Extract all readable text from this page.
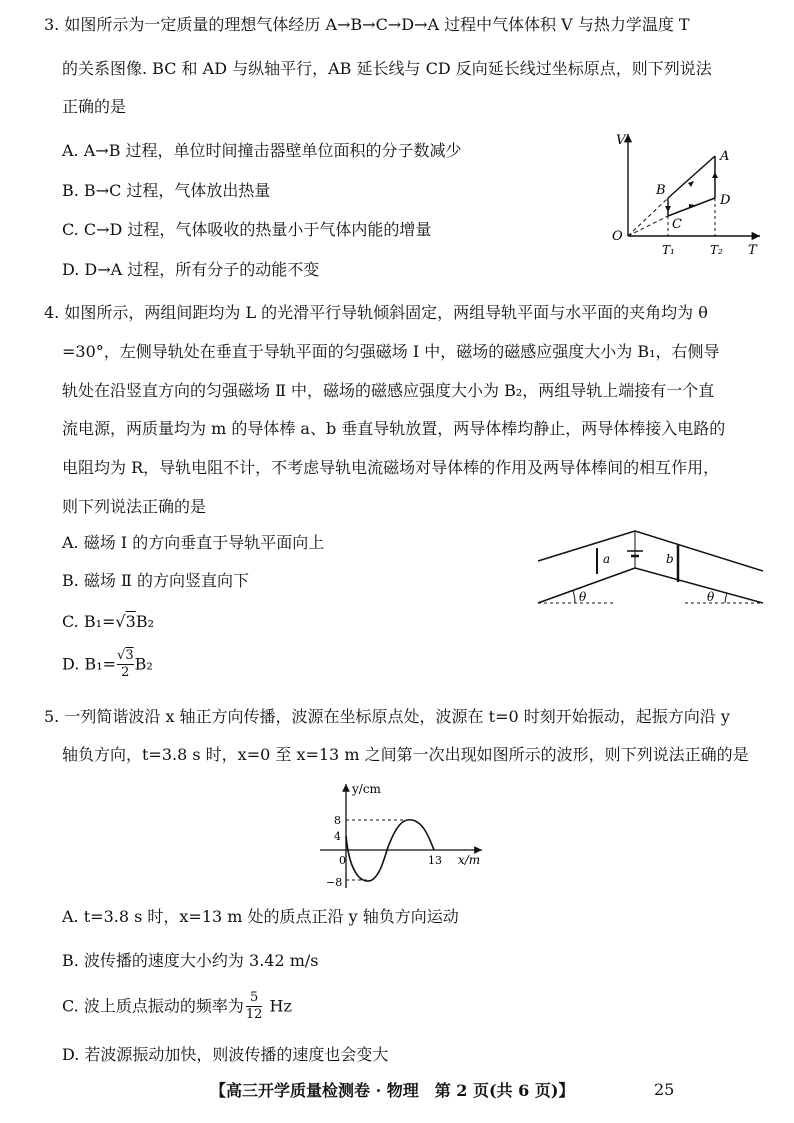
3. 如图所示为一定质量的理想气体经历 A→B→C→D→A 过程中气体体积 V 与热力学温度 T
的关系图像. BC 和 AD 与纵轴平行，AB 延长线与 CD 反向延长线过坐标原点，则下列说法
正确的是
A. A→B 过程，单位时间撞击器壁单位面积的分子数减少
B. B→C 过程，气体放出热量
C. C→D 过程，气体吸收的热量小于气体内能的增量
D. D→A 过程，所有分子的动能不变
V
T
O
A
B
C
D
T₁	T₂
4. 如图所示，两组间距均为 L 的光滑平行导轨倾斜固定，两组导轨平面与水平面的夹角均为 θ
=30°，左侧导轨处在垂直于导轨平面的匀强磁场 Ⅰ 中，磁场的磁感应强度大小为 B₁，右侧导
轨处在沿竖直方向的匀强磁场 Ⅱ 中，磁场的磁感应强度大小为 B₂，两组导轨上端接有一个直
流电源，两质量均为 m 的导体棒 a、b 垂直导轨放置，两导体棒均静止，两导体棒接入电路的
电阻均为 R，导轨电阻不计，不考虑导轨电流磁场对导体棒的作用及两导体棒间的相互作用，
则下列说法正确的是
A. 磁场 Ⅰ 的方向垂直于导轨平面向上
B. 磁场 Ⅱ 的方向竖直向下
C. B₁=√3B₂
D. $B_1= \frac{√3}{2} B_2$
a	b
θ	θ
5. 一列简谐波沿 x 轴正方向传播，波源在坐标原点处，波源在 t=0 时刻开始振动，起振方向沿 y
轴负方向，t=3.8 s 时，x=0 至 x=13 m 之间第一次出现如图所示的波形，则下列说法正确的是
y/cm
x/m
8
4
−8
0	13
A. t=3.8 s 时，x=13 m 处的质点正沿 y 轴负方向运动
B. 波传播的速度大小约为 3.42 m/s
C. 波上质点振动的频率为 $\frac{5}{12}$ Hz
D. 若波源振动加快，则波传播的速度也会变大
【高三开学质量检测卷 · 物理　第 2 页(共 6 页)】	25
